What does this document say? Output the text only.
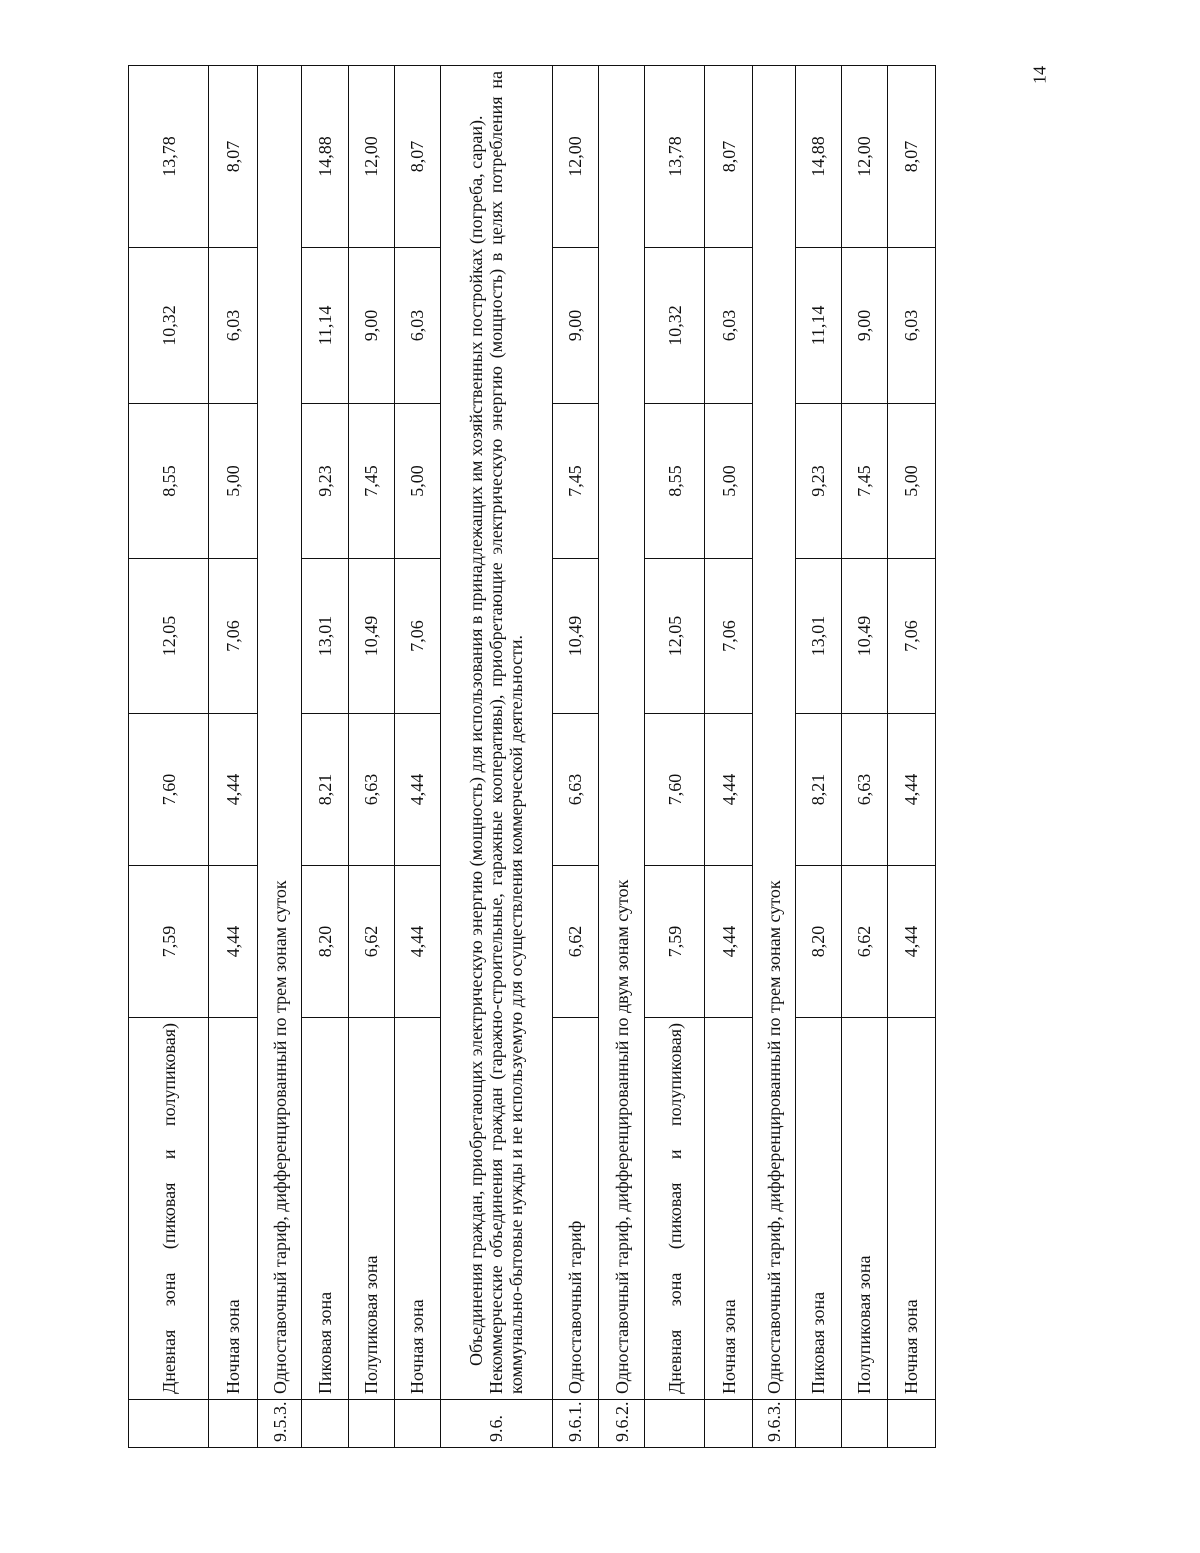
14
	Дневная зона (пиковая и полупиковая)	7,59	7,60	12,05	8,55	10,32	13,78
	Ночная зона	4,44	4,44	7,06	5,00	6,03	8,07
9.5.3.	Одноставочный тариф, дифференцированный по трем зонам суток						
	Пиковая зона	8,20	8,21	13,01	9,23	11,14	14,88
	Полупиковая зона	6,62	6,63	10,49	7,45	9,00	12,00
	Ночная зона	4,44	4,44	7,06	5,00	6,03	8,07
9.6.	Объединения граждан, приобретающих электрическую энергию (мощность) для использования в принадлежащих им хозяйственных постройках (погреба, сараи). Некоммерческие объединения граждан (гаражно-строительные, гаражные кооперативы), приобретающие электрическую энергию (мощность) в целях потребления на коммунально-бытовые нужды и не используемую для осуществления коммерческой деятельности.						

9.6.1.	Одноставочный тариф	6,62	6,63	10,49	7,45	9,00	12,00
9.6.2.	Одноставочный тариф, дифференцированный по двум зонам суток						
	Дневная зона (пиковая и полупиковая)	7,59	7,60	12,05	8,55	10,32	13,78
	Ночная зона	4,44	4,44	7,06	5,00	6,03	8,07
9.6.3.	Одноставочный тариф, дифференцированный по трем зонам суток						
	Пиковая зона	8,20	8,21	13,01	9,23	11,14	14,88
	Полупиковая зона	6,62	6,63	10,49	7,45	9,00	12,00
	Ночная зона	4,44	4,44	7,06	5,00	6,03	8,07
